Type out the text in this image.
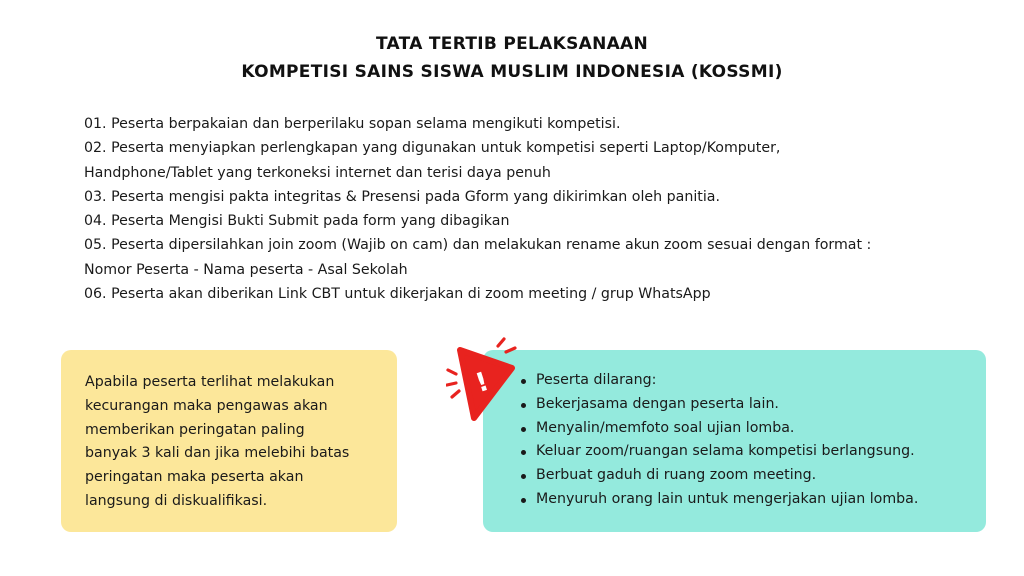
TATA TERTIB PELAKSANAAN
KOMPETISI SAINS SISWA MUSLIM INDONESIA (KOSSMI)
01. Peserta berpakaian dan berperilaku sopan selama mengikuti kompetisi.
02. Peserta menyiapkan perlengkapan yang digunakan untuk kompetisi seperti Laptop/Komputer,
Handphone/Tablet yang terkoneksi internet dan terisi daya penuh
03. Peserta mengisi pakta integritas & Presensi pada Gform yang dikirimkan oleh panitia.
04. Peserta Mengisi Bukti Submit pada form yang dibagikan
05. Peserta dipersilahkan join zoom (Wajib on cam) dan melakukan rename akun zoom sesuai dengan format :
Nomor Peserta - Nama peserta - Asal Sekolah
06. Peserta akan diberikan Link CBT untuk dikerjakan di zoom meeting / grup WhatsApp
Apabila peserta terlihat melakukan
kecurangan maka pengawas akan
memberikan peringatan paling
banyak 3 kali dan jika melebihi batas
peringatan maka peserta akan
langsung di diskualifikasi.
Peserta dilarang:
Bekerjasama dengan peserta lain.
Menyalin/memfoto soal ujian lomba.
Keluar zoom/ruangan selama kompetisi berlangsung.
Berbuat gaduh di ruang zoom meeting.
Menyuruh orang lain untuk mengerjakan ujian lomba.
!
